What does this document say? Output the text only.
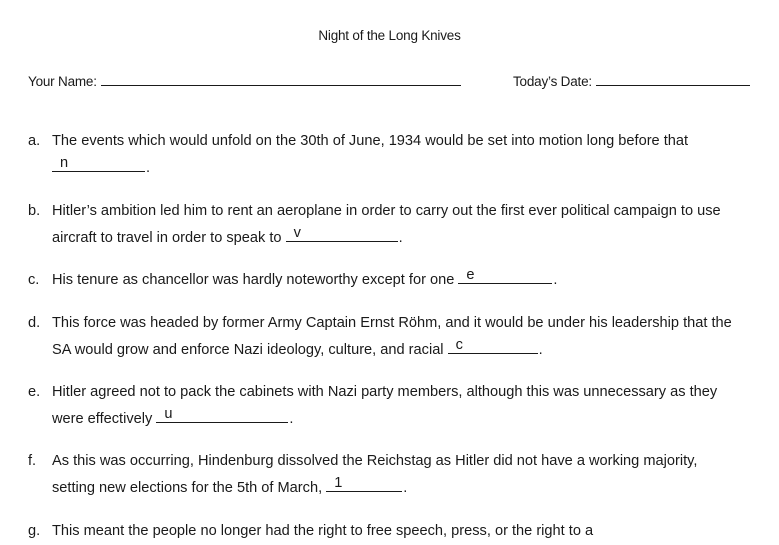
Night of the Long Knives
Your Name:	Today’s Date:
a. The events which would unfold on the 30th of June, 1934 would be set into motion long before that
n	.
b. Hitler’s ambition led him to rent an aeroplane in order to carry out the first ever political campaign to use
aircraft to travel in order to speak to v	.
c. His tenure as chancellor was hardly noteworthy except for one e	.
d. This force was headed by former Army Captain Ernst Röhm, and it would be under his leadership that the
SA would grow and enforce Nazi ideology, culture, and racial c	.
e. Hitler agreed not to pack the cabinets with Nazi party members, although this was unnecessary as they
were effectively u	.
f. As this was occurring, Hindenburg dissolved the Reichstag as Hitler did not have a working majority,
setting new elections for the 5th of March, 1	.
g. This meant the people no longer had the right to free speech, press, or the right to a
